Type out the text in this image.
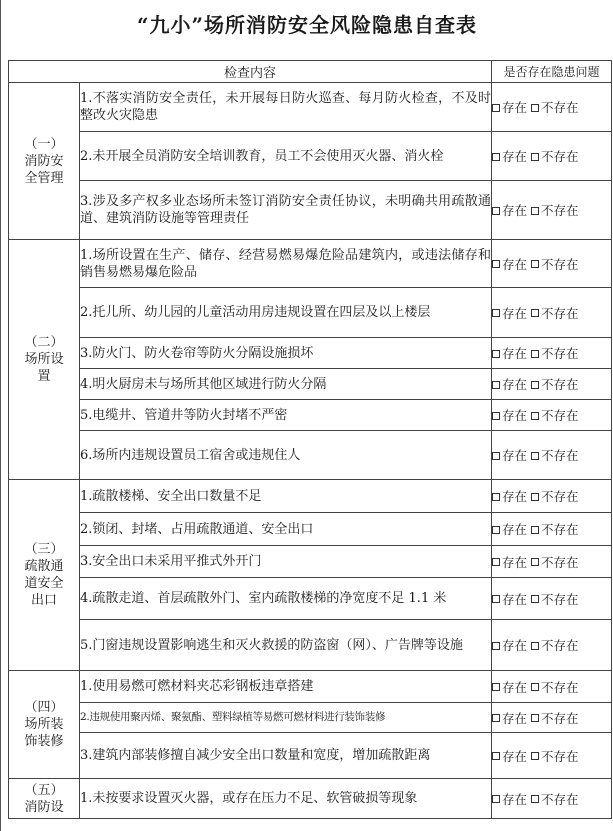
“九小”场所消防安全风险隐患自查表
检查内容		是否存在隐患问题

（一）
消防安
全管理	1.不落实消防安全责任，未开展每日防火巡查、每月防火检查，不及时整改火灾隐患	存在 不存在
	2.未开展全员消防安全培训教育，员工不会使用灭火器、消火栓	存在 不存在
	3.涉及多产权多业态场所未签订消防安全责任协议，未明确共用疏散通道、建筑消防设施等管理责任	存在 不存在

（二）
场所设
置	1.场所设置在生产、储存、经营易燃易爆危险品建筑内，或违法储存和销售易燃易爆危险品	存在 不存在
	2.托儿所、幼儿园的儿童活动用房违规设置在四层及以上楼层	存在 不存在
	3.防火门、防火卷帘等防火分隔设施损坏	存在 不存在
	4.明火厨房未与场所其他区域进行防火分隔	存在 不存在
	5.电缆井、管道井等防火封堵不严密	存在 不存在
	6.场所内违规设置员工宿舍或违规住人	存在 不存在

（三）
疏散通
道安全
出口	1.疏散楼梯、安全出口数量不足	存在 不存在
	2.锁闭、封堵、占用疏散通道、安全出口	存在 不存在
	3.安全出口未采用平推式外开门	存在 不存在
	4.疏散走道、首层疏散外门、室内疏散楼梯的净宽度不足 1.1 米	存在 不存在
	5.门窗违规设置影响逃生和灭火救援的防盗窗（网）、广告牌等设施	存在 不存在

（四）
场所装
饰装修	1.使用易燃可燃材料夹芯彩钢板违章搭建	存在 不存在
	2.违规使用聚丙烯、聚氨酯、塑料绿植等易燃可燃材料进行装饰装修	存在 不存在
	3.建筑内部装修擅自减少安全出口数量和宽度，增加疏散距离	存在 不存在

（五）
消防设	1.未按要求设置灭火器，或存在压力不足、软管破损等现象	存在 不存在
